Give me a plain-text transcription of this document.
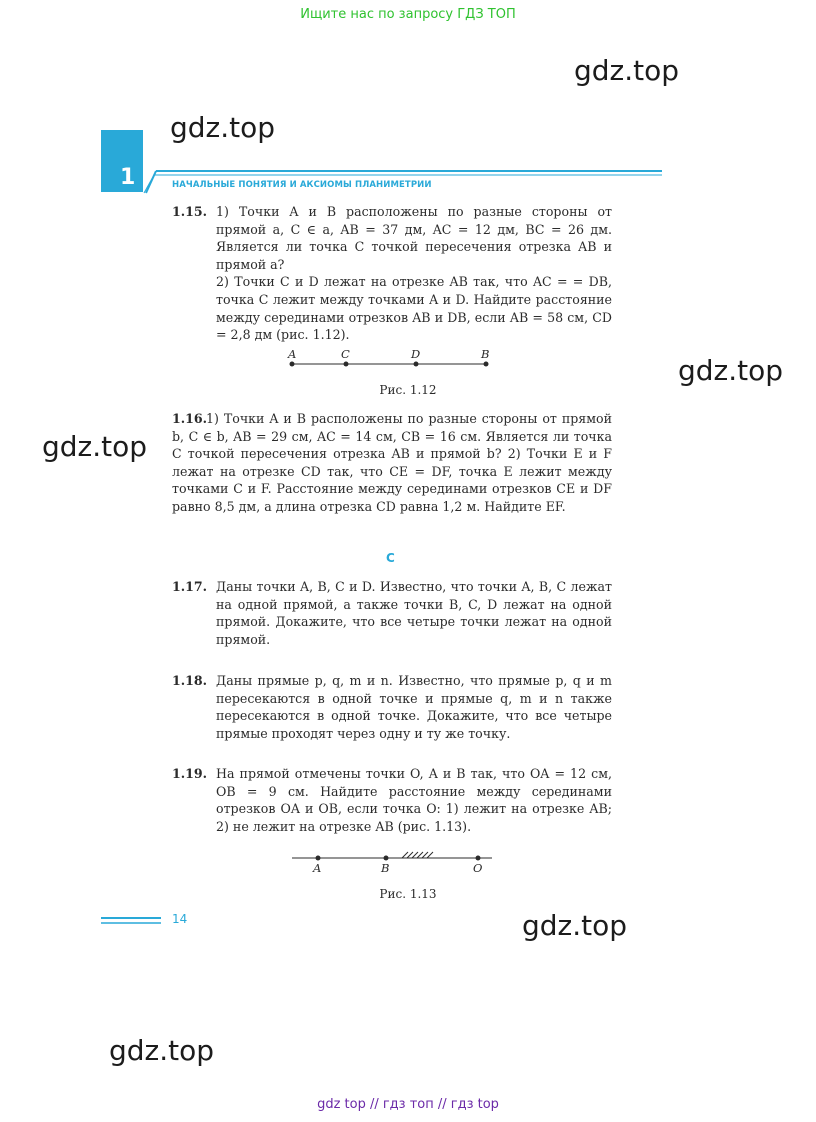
Ищите нас по запросу ГДЗ ТОП
gdz.top
gdz.top
gdz.top
gdz.top
gdz.top
gdz.top
1	НАЧАЛЬНЫЕ ПОНЯТИЯ И АКСИОМЫ ПЛАНИМЕТРИИ
1.15. 1) Точки A и B расположены по разные стороны от прямой a, C ∈ a, AB = 37 дм, AC = 12 дм, BC = 26 дм. Является ли точка C точкой пересечения отрезка AB и прямой a?

2) Точки C и D лежат на отрезке AB так, что AC = = DB, точка C лежит между точками A и D. Найдите расстояние между серединами отрезков AB и DB, если AB = 58 см, CD = 2,8 дм (рис. 1.12).

A	C	D	B
Рис. 1.12
1.16.

1) Точки A и B расположены по разные стороны от прямой b, C ∈ b, AB = 29 см, AC = 14 см, CB = 16 см. Является ли точка C точкой пересечения отрезка AB и прямой b? 2) Точки E и F лежат на отрезке CD так, что CE = DF, точка E лежит между точками C и F. Расстояние между серединами отрезков CE и DF равно 8,5 дм, а длина отрезка CD равна 1,2 м. Найдите EF.

С
1.17. Даны точки A, B, C и D. Известно, что точки A, B, C лежат на одной прямой, а также точки B, C, D лежат на одной прямой. Докажите, что все четыре точки лежат на одной прямой.

1.18. Даны прямые p, q, m и n. Известно, что прямые p, q и m пересекаются в одной точке и прямые q, m и n также пересекаются в одной точке. Докажите, что все четыре прямые проходят через одну и ту же точку.

1.19. На прямой отмечены точки O, A и B так, что OA = 12 см, OB = 9 см. Найдите расстояние между серединами отрезков OA и OB, если точка O: 1) лежит на отрезке AB; 2) не лежит на отрезке AB (рис. 1.13).

A	B	O
Рис. 1.13
14
gdz top // гдз топ // гдз top
